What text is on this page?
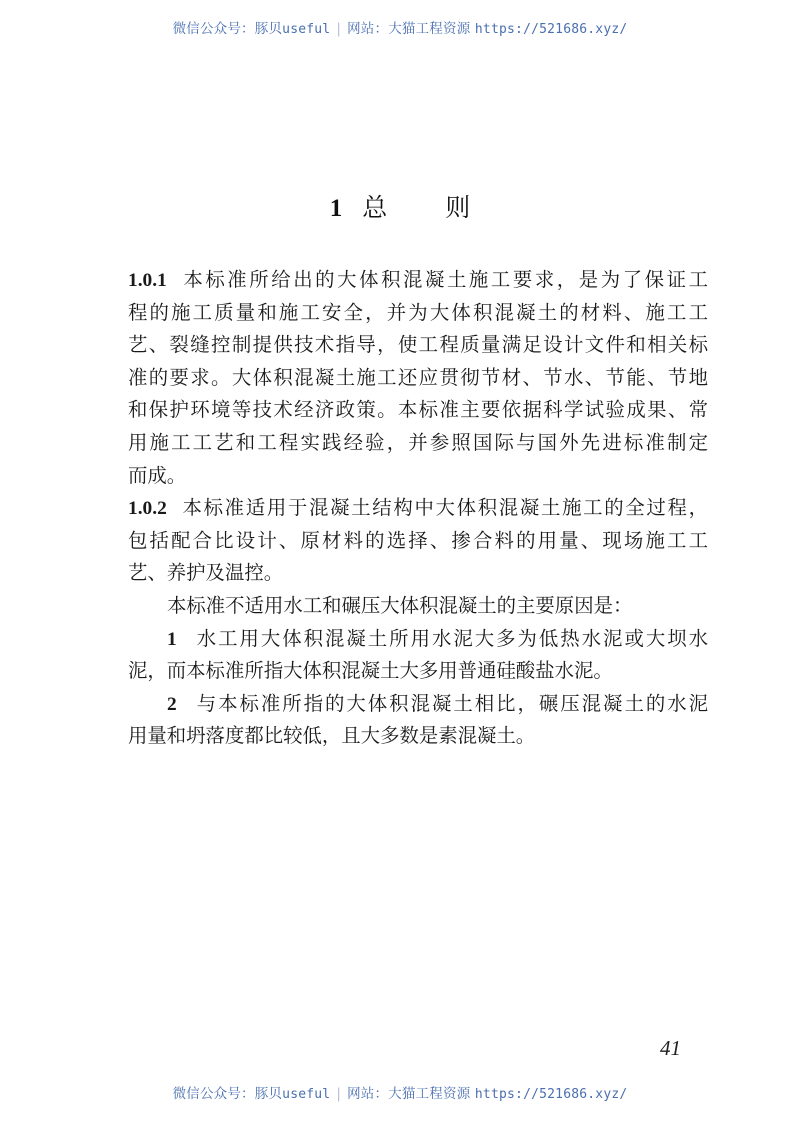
微信公众号：豚贝useful | 网站：大猫工程资源 https://521686.xyz/
1 总 则
1.0.1 本标准所给出的大体积混凝土施工要求，是为了保证工
程的施工质量和施工安全，并为大体积混凝土的材料、施工工
艺、裂缝控制提供技术指导，使工程质量满足设计文件和相关标
准的要求。大体积混凝土施工还应贯彻节材、节水、节能、节地
和保护环境等技术经济政策。本标准主要依据科学试验成果、常
用施工工艺和工程实践经验，并参照国际与国外先进标准制定
而成。
1.0.2 本标准适用于混凝土结构中大体积混凝土施工的全过程，
包括配合比设计、原材料的选择、掺合料的用量、现场施工工
艺、养护及温控。
本标准不适用水工和碾压大体积混凝土的主要原因是：
1 水工用大体积混凝土所用水泥大多为低热水泥或大坝水
泥，而本标准所指大体积混凝土大多用普通硅酸盐水泥。
2 与本标准所指的大体积混凝土相比，碾压混凝土的水泥
用量和坍落度都比较低，且大多数是素混凝土。
41
微信公众号：豚贝useful | 网站：大猫工程资源 https://521686.xyz/
